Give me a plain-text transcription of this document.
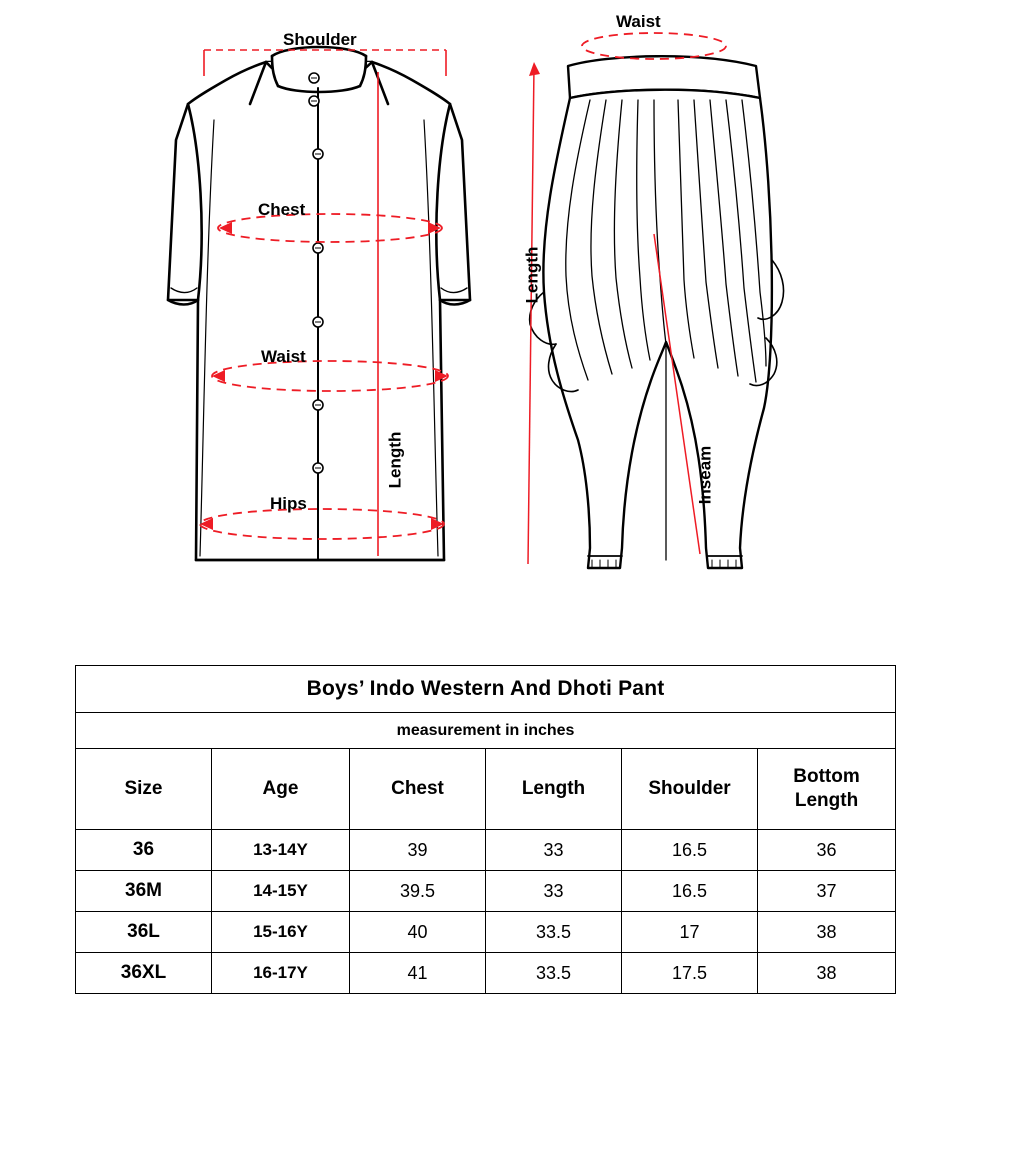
Shoulder
Chest
Waist
Hips
Length
Waist
Length
Inseam
Boys’ Indo Western And Dhoti Pant					
measurement in inches					
Size	Age	Chest	Length	Shoulder	Bottom Length
36	13-14Y	39	33	16.5	36
36M	14-15Y	39.5	33	16.5	37
36L	15-16Y	40	33.5	17	38
36XL	16-17Y	41	33.5	17.5	38
